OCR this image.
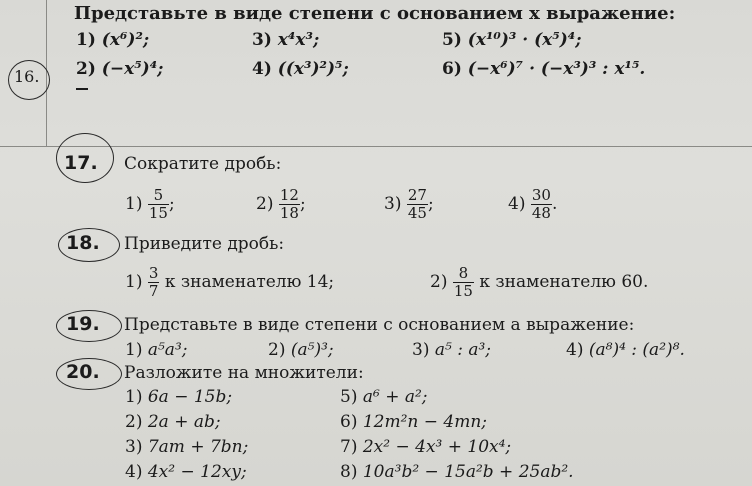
16.
Представьте в виде степени с основанием x выражение:
1) (x⁶)²;
2) (−x⁵)⁴;
3) x⁴x³;
4) ((x³)²)⁵;
5) (x¹⁰)³ · (x⁵)⁴;
6) (−x⁶)⁷ · (−x³)³ : x¹⁵.
17. Сократите дробь:
$1) \frac{5}{15}$ ;	$2) \frac{12}{18}$ ;	$3) \frac{27}{45}$ ;	$4) \frac{30}{48}$ .
18. Приведите дробь:
$1) \frac{3}{7}$ к знаменателю 14;	$2) \frac{8}{15}$ к знаменателю 60.
19. Представьте в виде степени с основанием a выражение:
1) a⁵a³;	2) (a⁵)³;	3) a⁵ : a³;	4) (a⁸)⁴ : (a²)⁸.
20. Разложите на множители:
1) 6a − 15b;
2) 2a + ab;
3) 7am + 7bn;
4) 4x² − 12xy;
5) a⁶ + a²;
6) 12m²n − 4mn;
7) 2x² − 4x³ + 10x⁴;
8) 10a³b² − 15a²b + 25ab².
